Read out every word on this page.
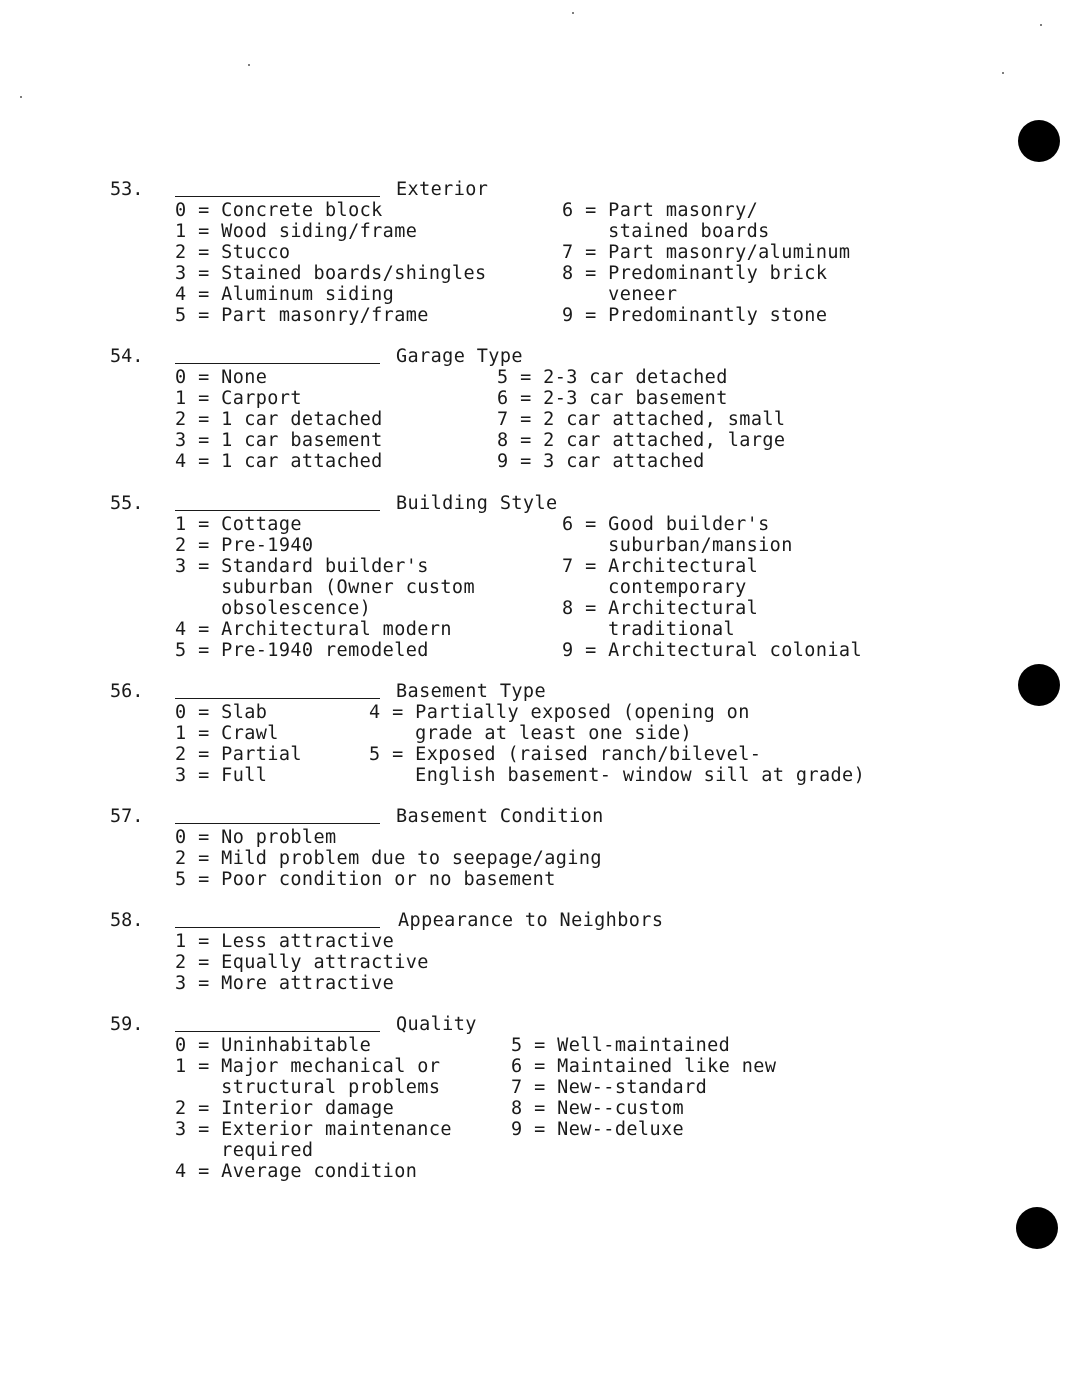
53.	Exterior
0 = Concrete block
1 = Wood siding/frame
2 = Stucco
3 = Stained boards/shingles
4 = Aluminum siding
5 = Part masonry/frame
6 = Part masonry/
stained boards
7 = Part masonry/aluminum
8 = Predominantly brick
veneer
9 = Predominantly stone
54.	Garage Type
0 = None
1 = Carport
2 = 1 car detached
3 = 1 car basement
4 = 1 car attached
5 = 2-3 car detached
6 = 2-3 car basement
7 = 2 car attached, small
8 = 2 car attached, large
9 = 3 car attached
55.	Building Style
1 = Cottage
2 = Pre-1940
3 = Standard builder's
suburban (Owner custom
obsolescence)
4 = Architectural modern
5 = Pre-1940 remodeled
6 = Good builder's
suburban/mansion
7 = Architectural
contemporary
8 = Architectural
traditional
9 = Architectural colonial
56.	Basement Type
0 = Slab
1 = Crawl
2 = Partial
3 = Full
4 = Partially exposed (opening on
grade at least one side)
5 = Exposed (raised ranch/bilevel-
English basement- window sill at grade)
57.	Basement Condition
0 = No problem
2 = Mild problem due to seepage/aging
5 = Poor condition or no basement
58.	Appearance to Neighbors
1 = Less attractive
2 = Equally attractive
3 = More attractive
59.	Quality
0 = Uninhabitable
1 = Major mechanical or
structural problems
2 = Interior damage
3 = Exterior maintenance
required
4 = Average condition
5 = Well-maintained
6 = Maintained like new
7 = New--standard
8 = New--custom
9 = New--deluxe
